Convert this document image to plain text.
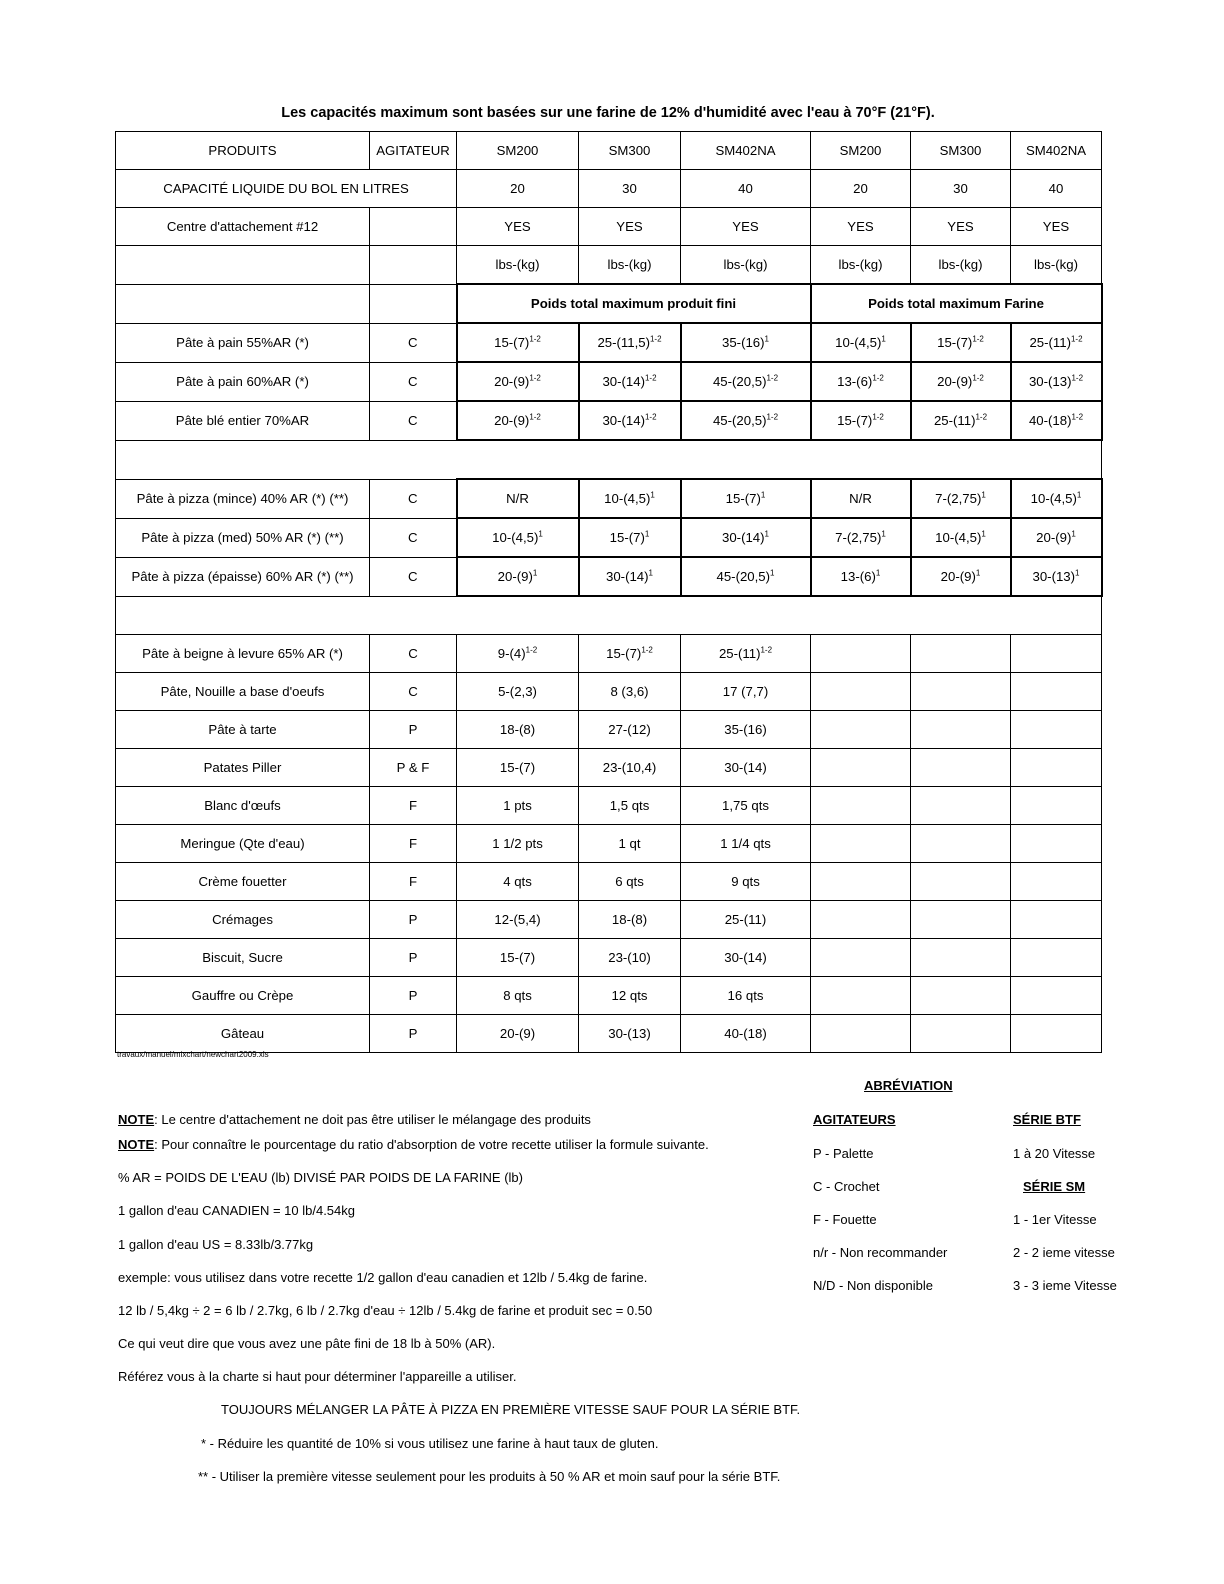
Les capacités maximum sont basées sur une farine de 12% d'humidité avec l'eau à 70°F (21°F).
PRODUITS	AGITATEUR	SM200	SM300	SM402NA	SM200	SM300	SM402NA
CAPACITÉ LIQUIDE DU BOL EN LITRES		20	30	40	20	30	40
Centre d'attachement #12		YES	YES	YES	YES	YES	YES
		lbs-(kg)	lbs-(kg)	lbs-(kg)	lbs-(kg)	lbs-(kg)	lbs-(kg)
		Poids total maximum produit fini			Poids total maximum Farine		
Pâte à pain 55%AR (*)	C	$15-(7)^{1-2}$	$25-(11,5)^{1-2}$	$35-(16)^1$	$10-(4,5)^1$	$15-(7)^{1-2}$	$25-(11)^{1-2}$
Pâte à pain 60%AR (*)	C	$20-(9)^{1-2}$	$30-(14)^{1-2}$	$45-(20,5)^{1-2}$	$13-(6)^{1-2}$	$20-(9)^{1-2}$	$30-(13)^{1-2}$
Pâte blé entier 70%AR	C	$20-(9)^{1-2}$	$30-(14)^{1-2}$	$45-(20,5)^{1-2}$	$15-(7)^{1-2}$	$25-(11)^{1-2}$	$40-(18)^{1-2}$

Pâte à pizza (mince) 40% AR (*) (**)	C	N/R	$10-(4,5)^1$	$15-(7)^1$	N/R	$7-(2,75)^1$	$10-(4,5)^1$
Pâte à pizza (med) 50% AR (*) (**)	C	$10-(4,5)^1$	$15-(7)^1$	$30-(14)^1$	$7-(2,75)^1$	$10-(4,5)^1$	$20-(9)^1$
Pâte à pizza (épaisse) 60% AR (*) (**)	C	$20-(9)^1$	$30-(14)^1$	$45-(20,5)^1$	$13-(6)^1$	$20-(9)^1$	$30-(13)^1$

Pâte à beigne à levure 65% AR (*)	C	$9-(4)^{1-2}$	$15-(7)^{1-2}$	$25-(11)^{1-2}$			
Pâte, Nouille a base d'oeufs	C	5-(2,3)	8 (3,6)	17 (7,7)			
Pâte à tarte	P	18-(8)	27-(12)	35-(16)			
Patates Piller	P & F	15-(7)	23-(10,4)	30-(14)			
Blanc d'œufs	F	1 pts	1,5 qts	1,75 qts			
Meringue (Qte d'eau)	F	1 1/2 pts	1 qt	1 1/4 qts			
Crème fouetter	F	4 qts	6 qts	9 qts			
Crémages	P	12-(5,4)	18-(8)	25-(11)			
Biscuit, Sucre	P	15-(7)	23-(10)	30-(14)			
Gauffre ou Crèpe	P	8 qts	12 qts	16 qts			
Gâteau	P	20-(9)	30-(13)	40-(18)			
travaux/manuel/mixchart/newchart2009.xls
ABRÉVIATION
AGITATEURS
P - Palette
C - Crochet
F - Fouette
n/r - Non recommander
N/D - Non disponible
SÉRIE BTF
1 à 20 Vitesse
SÉRIE SM
1 - 1er Vitesse
2 - 2 ieme vitesse
3 - 3 ieme Vitesse
NOTE: Le centre d'attachement ne doit pas être utiliser le mélangage des produits
NOTE: Pour connaître le pourcentage du ratio d'absorption de votre recette utiliser la formule suivante.
% AR = POIDS DE L'EAU (lb) DIVISÉ PAR POIDS DE LA FARINE (lb)
1 gallon d'eau CANADIEN = 10 lb/4.54kg
1 gallon d'eau US = 8.33lb/3.77kg
exemple: vous utilisez dans votre recette 1/2 gallon d'eau canadien et 12lb / 5.4kg de farine.
12 lb / 5,4kg ÷ 2 = 6 lb / 2.7kg, 6 lb / 2.7kg d'eau ÷ 12lb / 5.4kg de farine et produit sec = 0.50
Ce qui veut dire que vous avez une pâte fini de 18 lb à 50% (AR).
Référez vous à la charte si haut pour déterminer l'appareille a utiliser.
TOUJOURS MÉLANGER LA PÂTE À PIZZA EN PREMIÈRE VITESSE SAUF POUR LA SÉRIE BTF.
* - Réduire les quantité de 10% si vous utilisez une farine à haut taux de gluten.
** - Utiliser la première vitesse seulement pour les produits à 50 % AR et moin sauf pour la série BTF.
